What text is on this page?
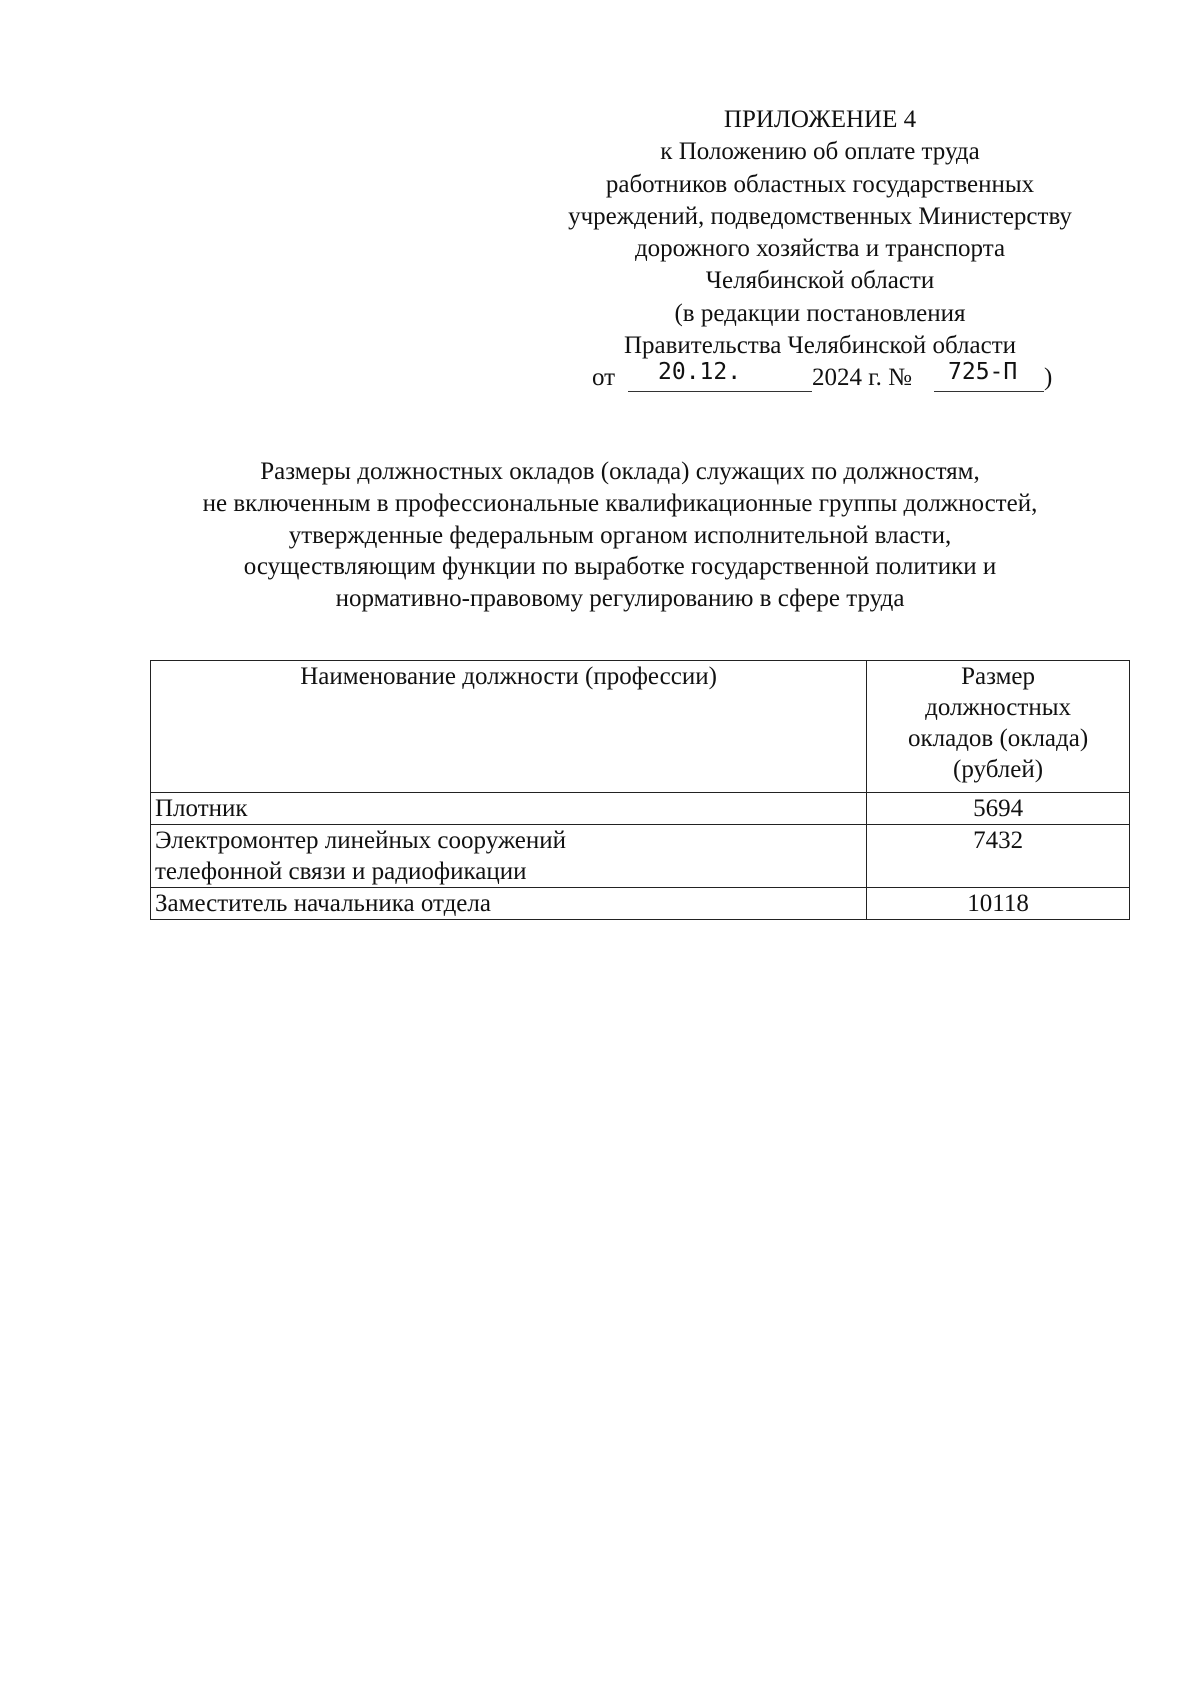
ПРИЛОЖЕНИЕ 4
к Положению об оплате труда
работников областных государственных
учреждений, подведомственных Министерству
дорожного хозяйства и транспорта
Челябинской области
(в редакции постановления
Правительства Челябинской области
от 20.12.	2024 г. № 725-П )
Размеры должностных окладов (оклада) служащих по должностям,
не включенным в профессиональные квалификационные группы должностей,
утвержденные федеральным органом исполнительной власти,
осуществляющим функции по выработке государственной политики и
нормативно-правовому регулированию в сфере труда
Наименование должности (профессии)	Размер
должностных
окладов (оклада)
(рублей)

Плотник	5694

Электромонтер линейных сооружений
телефонной связи и радиофикации	7432

Заместитель начальника отдела	10118
